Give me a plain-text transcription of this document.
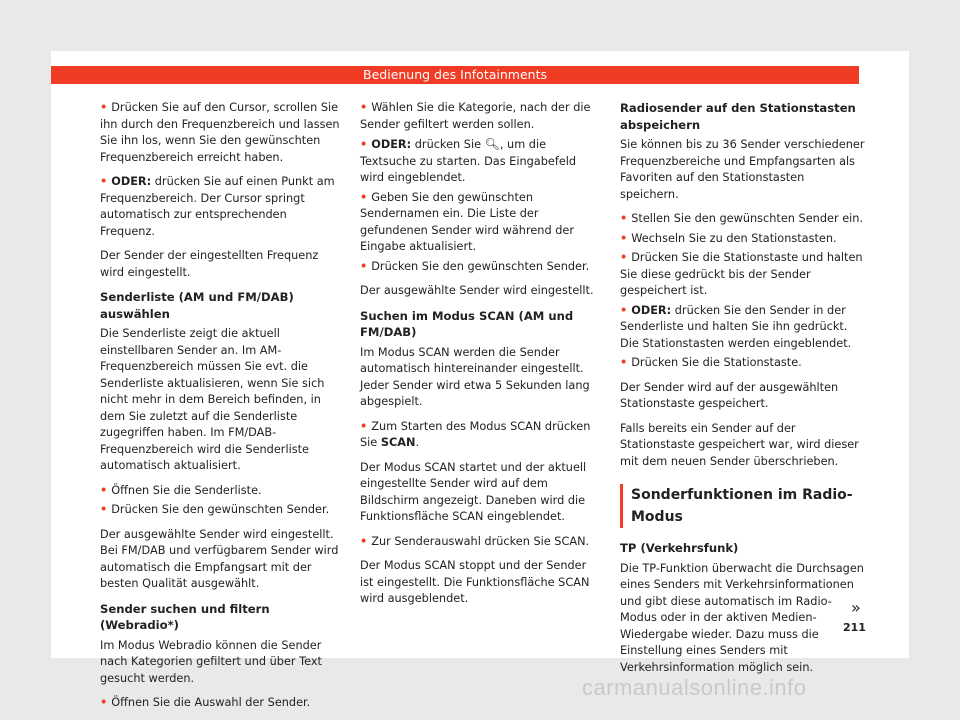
Bedienung des Infotainments

• Drücken Sie auf den Cursor, scrollen Sie ihn durch den Frequenzbereich und lassen Sie ihn los, wenn Sie den gewünschten Frequenzbereich erreicht haben.

• ODER: drücken Sie auf einen Punkt am Frequenzbereich. Der Cursor springt automatisch zur entsprechenden Frequenz.

Der Sender der eingestellten Frequenz wird eingestellt.

Senderliste (AM und FM/DAB) auswählen

Die Senderliste zeigt die aktuell einstellbaren Sender an. Im AM-Frequenzbereich müssen Sie evt. die Senderliste aktualisieren, wenn Sie sich nicht mehr in dem Bereich befinden, in dem Sie zuletzt auf die Senderliste zugegriffen haben. Im FM/DAB-Frequenzbereich wird die Senderliste automatisch aktualisiert.

• Öffnen Sie die Senderliste.

• Drücken Sie den gewünschten Sender.

Der ausgewählte Sender wird eingestellt. Bei FM/DAB und verfügbarem Sender wird automatisch die Empfangsart mit der besten Qualität ausgewählt.

Sender suchen und filtern (Webradio*)

Im Modus Webradio können die Sender nach Kategorien gefiltert und über Text gesucht werden.

• Öffnen Sie die Auswahl der Sender.

• Wählen Sie die Kategorie, nach der die Sender gefiltert werden sollen.

• ODER: drücken Sie 🔍︎, um die Textsuche zu starten. Das Eingabefeld wird eingeblendet.

• Geben Sie den gewünschten Sendernamen ein. Die Liste der gefundenen Sender wird während der Eingabe aktualisiert.

• Drücken Sie den gewünschten Sender.

Der ausgewählte Sender wird eingestellt.

Suchen im Modus SCAN (AM und FM/DAB)

Im Modus SCAN werden die Sender automatisch hintereinander eingestellt. Jeder Sender wird etwa 5 Sekunden lang abgespielt.

• Zum Starten des Modus SCAN drücken Sie SCAN.

Der Modus SCAN startet und der aktuell eingestellte Sender wird auf dem Bildschirm angezeigt. Daneben wird die Funktionsfläche SCAN eingeblendet.

• Zur Senderauswahl drücken Sie SCAN.

Der Modus SCAN stoppt und der Sender ist eingestellt. Die Funktionsfläche SCAN wird ausgeblendet.

Radiosender auf den Stationstasten abspeichern

Sie können bis zu 36 Sender verschiedener Frequenzbereiche und Empfangsarten als Favoriten auf den Stationstasten speichern.

• Stellen Sie den gewünschten Sender ein.

• Wechseln Sie zu den Stationstasten.

• Drücken Sie die Stationstaste und halten Sie diese gedrückt bis der Sender gespeichert ist.

• ODER: drücken Sie den Sender in der Senderliste und halten Sie ihn gedrückt. Die Stationstasten werden eingeblendet.

• Drücken Sie die Stationstaste.

Der Sender wird auf der ausgewählten Stationstaste gespeichert.

Falls bereits ein Sender auf der Stationstaste gespeichert war, wird dieser mit dem neuen Sender überschrieben.

Sonderfunktionen im Radio-Modus
TP (Verkehrsfunk)

Die TP-Funktion überwacht die Durchsagen eines Senders mit Verkehrsinformationen und gibt diese automatisch im Radio-Modus oder in der aktiven Medien-Wiedergabe wieder. Dazu muss die Einstellung eines Senders mit Verkehrsinformation möglich sein.

»
211
carmanualsonline.info
